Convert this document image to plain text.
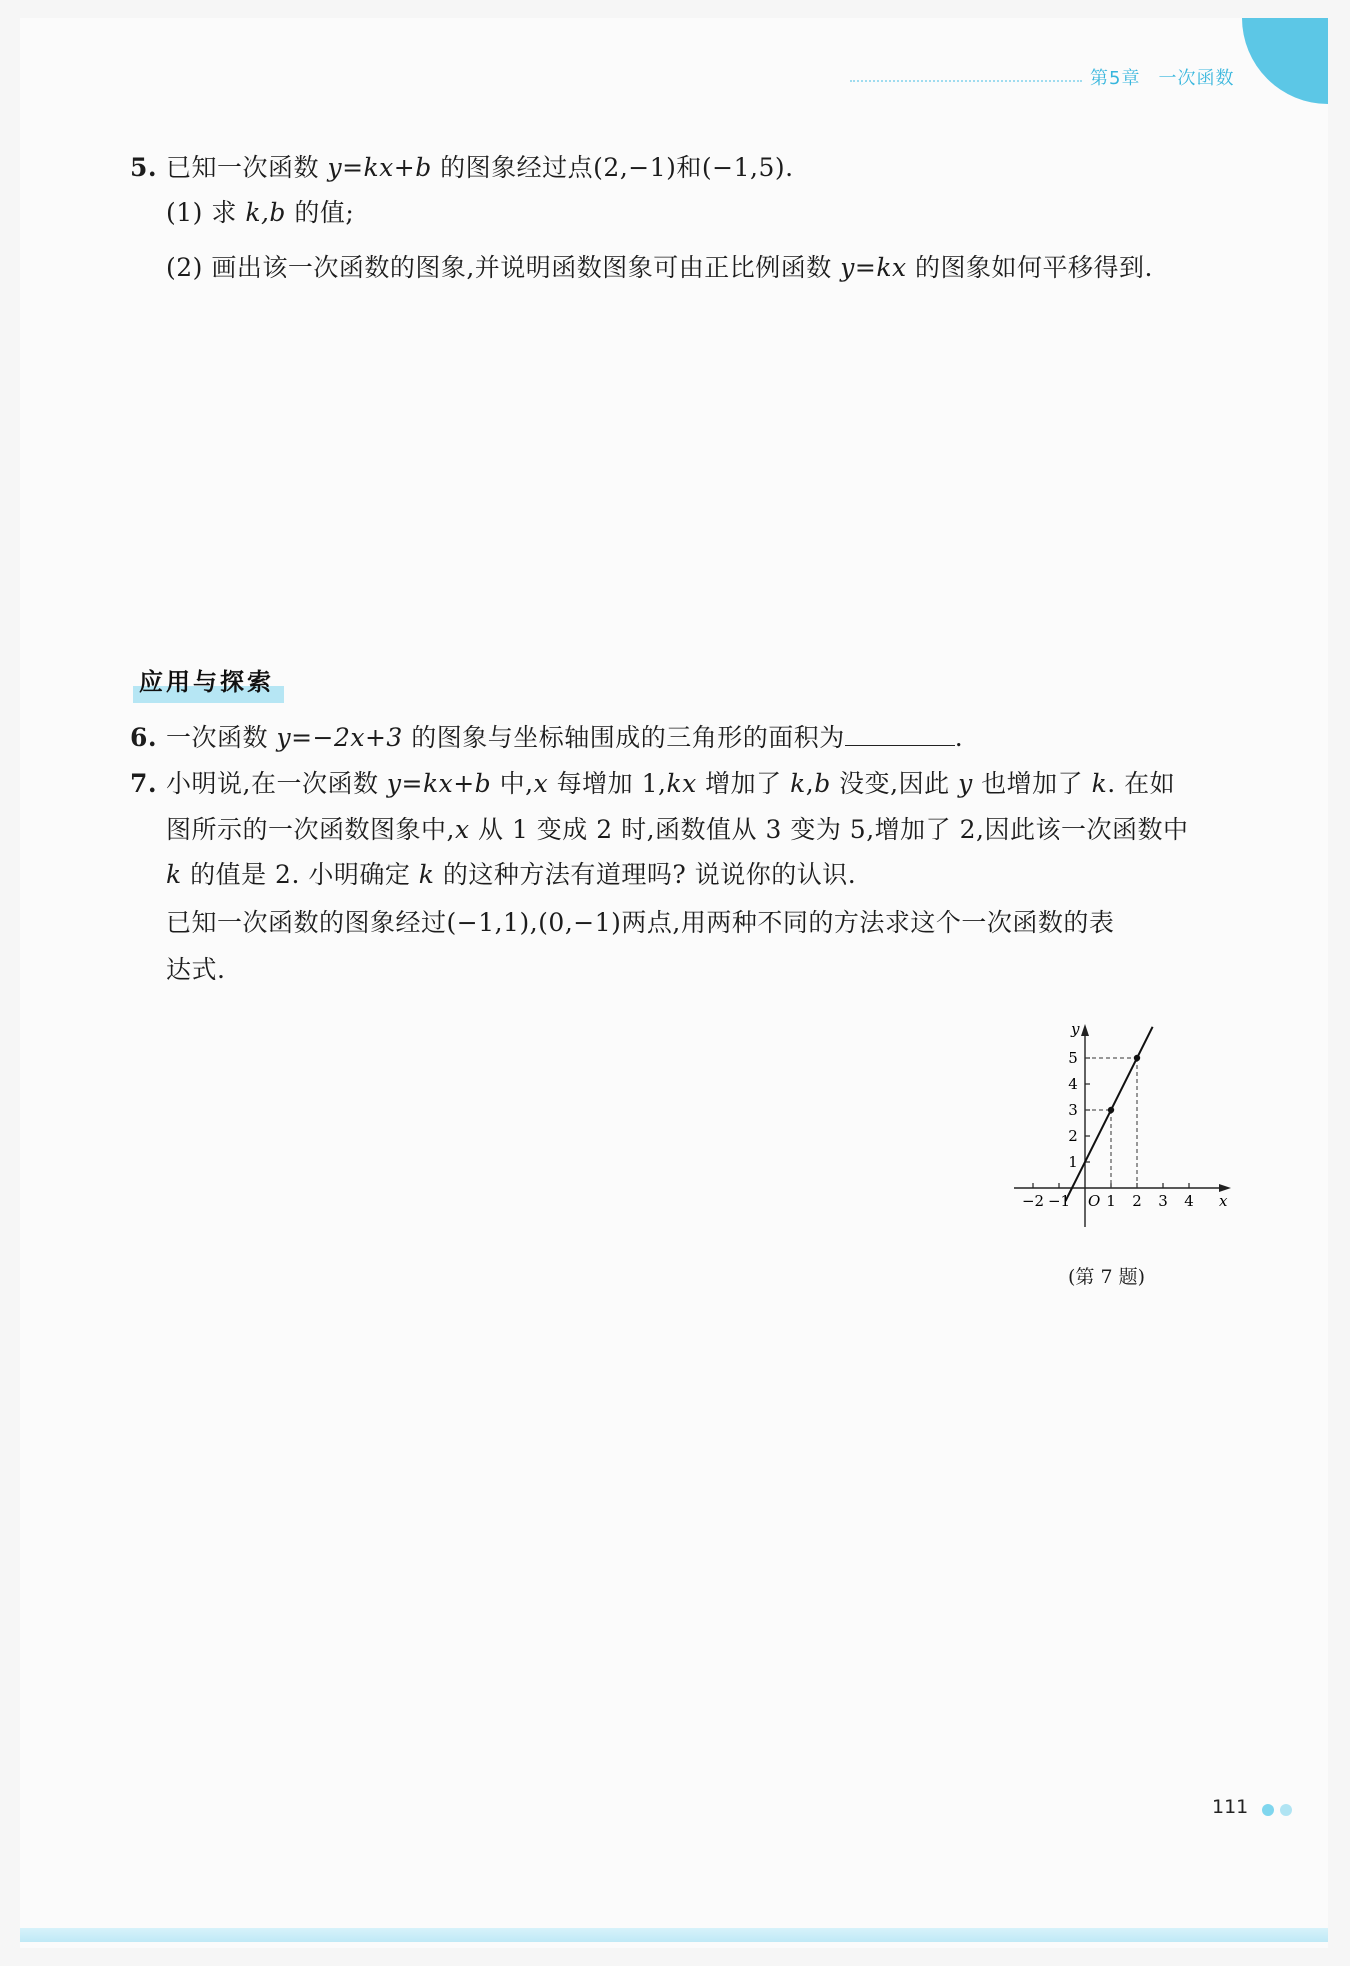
第5章 一次函数
5. 已知一次函数 y=kx+b 的图象经过点(2,−1)和(−1,5).
(1) 求 k,b 的值;
(2) 画出该一次函数的图象,并说明函数图象可由正比例函数 y=kx 的图象如何平移得到.
应用与探索
6. 一次函数 y=−2x+3 的图象与坐标轴围成的三角形的面积为	.
7. 小明说,在一次函数 y=kx+b 中,x 每增加 1,kx 增加了 k,b 没变,因此 y 也增加了 k. 在如
图所示的一次函数图象中,x 从 1 变成 2 时,函数值从 3 变为 5,增加了 2,因此该一次函数中
k 的值是 2. 小明确定 k 的这种方法有道理吗? 说说你的认识.
已知一次函数的图象经过(−1,1),(0,−1)两点,用两种不同的方法求这个一次函数的表
达式.
−2 −1 O 1 2 3 4
1
2
3
4
5
x
y
(第 7 题)
111
